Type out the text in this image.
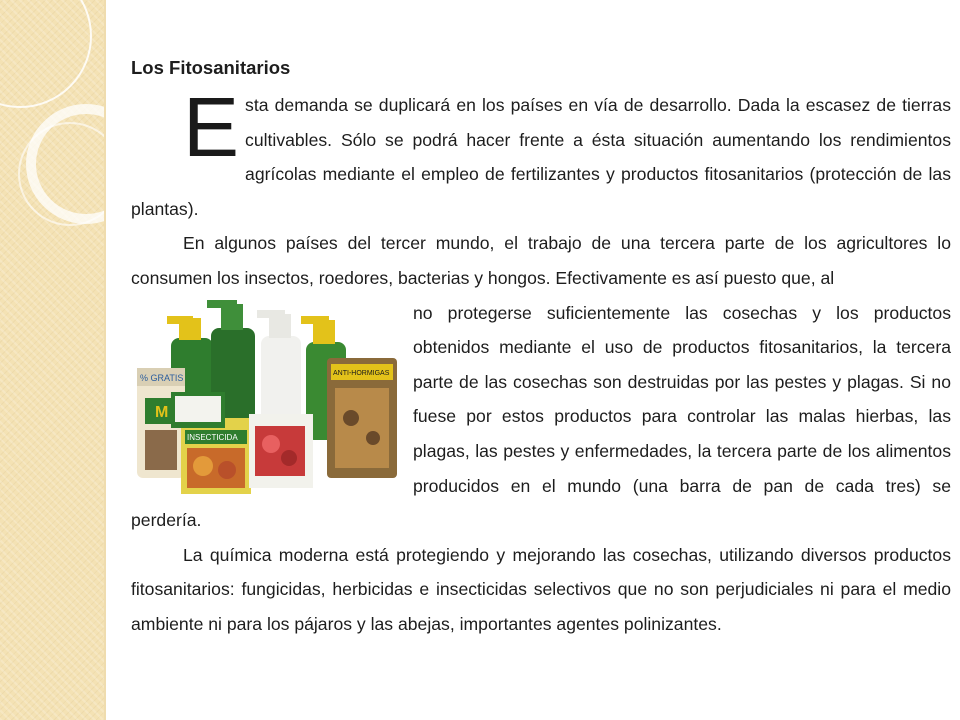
Los Fitosanitarios
E sta demanda se duplicará en los países en vía de desarrollo. Dada la escasez de tierras cultivables. Sólo se podrá hacer frente a ésta situación aumentando los rendimientos agrícolas mediante el empleo de fertilizantes y productos fitosanitarios (protección de las plantas).

En algunos países del tercer mundo, el trabajo de una tercera parte de los agricultores lo consumen los insectos, roedores, bacterias y hongos. Efectivamente es así puesto que, al

% GRATIS
M
INSECTICIDA
ANTI-HORMIGAS

no protegerse suficientemente las cosechas y los productos obtenidos mediante el uso de productos fitosanitarios, la tercera parte de las cosechas son destruidas por las pestes y plagas. Si no fuese por estos productos para controlar las malas hierbas, las plagas, las pestes y enfermedades, la tercera parte de los alimentos producidos en el mundo (una barra de pan de cada tres) se perdería.

La química moderna está protegiendo y mejorando las cosechas, utilizando diversos productos fitosanitarios: fungicidas, herbicidas e insecticidas selectivos que no son perjudiciales ni para el medio ambiente ni para los pájaros y las abejas, importantes agentes polinizantes.
